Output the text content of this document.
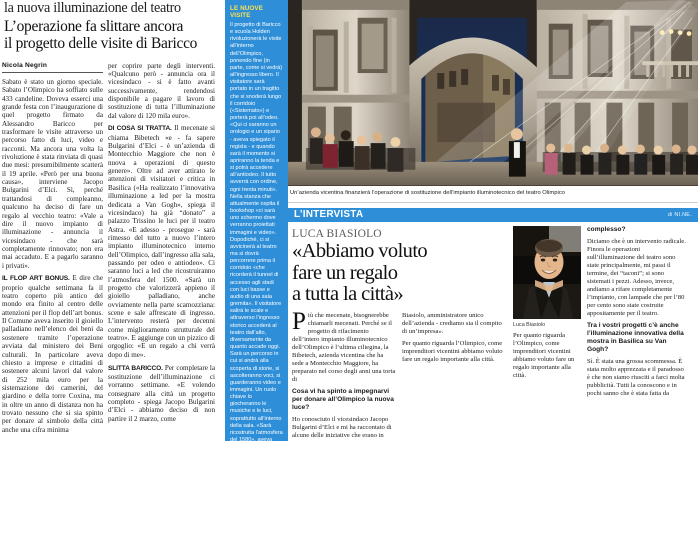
la nuova illuminazione del teatro
L’operazione fa slittare ancora
il progetto delle visite di Baricco
Nicola Negrin

Sabato è stato un giorno speciale. Sabato l’Olimpico ha soffiato sulle 433 candeline. Doveva esserci una grande festa con l’inaugurazione di quel progetto firmato da Alessandro Baricco per trasformare le visite attraverso un percorso fatto di luci, video e racconti. Ma ancora una volta la rivoluzione è stata rinviata di quasi due mesi: presumibilmente scatterà il 19 aprile. «Però per una buona causa», interviene Jacopo Bulgarini d’Elci. Sì, perché trattandosi di compleanno, qualcuno ha deciso di fare un regalo al vecchio teatro: «Vale a dire il nuovo impianto di illuminazione - annuncia il vicesindaco - che sarà completamente rinnovato; non era mai accaduto. E a pagarlo saranno i privati».

IL FLOP ART BONUS. E dire che proprio qualche settimana fa il teatro coperto più antico del mondo era finito al centro delle attenzioni per il flop dell’art bonus. Il Comune aveva inserito il gioiello palladiano nell’elenco dei beni da sostenere tramite l’operazione avviata dal ministero dei Beni culturali. In particolare aveva chiesto a imprese e cittadini di sostenere alcuni lavori dal valore di 252 mila euro per la sistemazione dei camerini, del giardino e della torre Coxina, ma in oltre un anno di distanza non ha trovato nessuno che si sia spinto per donare al simbolo della città anche una cifra minima

per coprire parte degli interventi. «Qualcuno però - annuncia ora il vicesindaco - si è fatto avanti successivamente, rendendosi disponibile a pagare il lavoro di sostituzione di tutta l’illuminazione dal valore di 120 mila euro».

DI COSA SI TRATTA. Il mecenate si chiama Bibetech «e - fa sapere Bulgarini d’Elci - è un’azienda di Montecchio Maggiore che non è nuova a operazioni di questo genere». Oltre ad aver attirato le attenzioni di visitatori e critica in Basilica («Ha realizzato l’innovativa illuminazione a led per la mostra dedicata a Van Gogh», spiega il vicesindaco) ha già “donato” a palazzo Trissino le luci per il teatro Astra. «E adesso - prosegue - sarà rimesso del tutto a nuovo l’intero impianto illuminotecnico interno dell’Olimpico, dall’ingresso alla sala, passando per odeo e antiodeo». Ci saranno luci a led che ricostruiranno l’atmosfera del 1500. «Sarà un progetto che valorizzerà appieno il gioiello palladiano, anche ovviamente nella parte scamozziana: scene e sale affrescate di ingresso. L’intervento resterà per decenni come miglioramento strutturale del teatro». E aggiunge con un pizzico di orgoglio: «E un regalo a chi verrà dopo di me».

SLITTA BARICCO. Per completare la sostituzione dell’illuminazione ci vorranno settimane. «E volendo consegnare alla città un progetto completo - spiega Jacopo Bulgarini d’Elci - abbiamo deciso di non partire il 2 marzo, come

LE NUOVE VISITE

Il progetto di Baricco e scuola Holden rivoluzionerà le visite all’interno dell’Olimpico, ponendo fine (in parte, come si vedrà) all’ingresso libero. Il visitatore sarà portato in un tragitto che si snoderà lungo il corridoio («Sistemato») e porterà poi all’odeo. «Qui ci saranno un orologio e un sipario - aveva spiegato il regista - e quando sarà il momento si apriranno la tenda e si potrà accedere all’antiodeo. Il tutto avverrà con ordine, ogni trenta minuti». Nella stanza che attualmente ospita il bookshop «ci sarà uno schermo dove verranno proiettati immagini e video». Dopodiché, ci si avvicinerà al teatro ma si dovrà percorrere prima il corridoio «che ricorderà il tunnel di accesso agli stadi con luci basse e audio di una sala gremita». Il visitatore salirà le scale e attraverso l’ingresso storico accederà al teatro dall’alto, diversamente da quanto accade oggi. Sarà un percorso in cui si andrà alla scoperta di storie, si ascolteranno voci, si guarderanno video e immagini. Un ruolo chiave lo giocheranno le musiche e le luci, soprattutto all’interno della sala. «Sarà ricostruita l’atmosfera del 1580», aveva assicurato Alessandro Baricco. La Sovrintendenza ha posto alcune condizioni a proposito dell’illuminazione in particolare sulle posizioni dei «faretti che dovranno essere concordate. Si evidenziano, ha aggiunto,

Un’azienda vicentina finanzierà l’operazione di sostituzione dell’impianto illuminotecnico del teatro Olimpico
L’INTERVISTA	di NI.NE.
LUCA BIASIOLO
«Abbiamo voluto
fare un regalo
a tutta la città»

Più che mecenate, bisognerebbe chiamarli mecenati. Perché se il progetto di rifacimento dell’intero impianto illuminotecnico dell’Olimpico è l’ultima ciliegina, la Bibetech, azienda vicentina che ha sede a Montecchio Maggiore, ha preparato nel corso degli anni una torta di

Cosa vi ha spinto a impegnarvi per donare all’Olimpico la nuova luce?

Ho conosciuto il vicesindaco Jacopo Bulgarini d’Elci e mi ha raccontato di alcune delle iniziative che erano in

Biasiolo, amministratore unico dell’azienda - crediamo sia il compito di un’impresa».

Per quanto riguarda l’Olimpico, come imprenditori vicentini abbiamo voluto fare un regalo importante alla città.

Luca Biasiolo

Per quanto riguarda l’Olimpico, come imprenditori vicentini abbiamo voluto fare un regalo importante alla città.

complesso?

Diciamo che è un intervento radicale. Finora le operazioni sull’illuminazione del teatro sono state principalmente, mi passi il termine, dei “taconi”; si sono sistemati i pezzi. Adesso, invece, andiamo a rifare completamente l’impianto, con lampade che per l’80 per cento sono state costruite appositamente per il teatro.

Tra i vostri progetti c’è anche l’illuminazione innovativa della mostra in Basilica su Van Gogh?

Sì. È stata una grossa scommessa. È stata molto apprezzata e il paradosso è che non siamo riusciti a farci molta pubblicità. Tutti la conoscono e in pochi sanno che è stata fatta da
